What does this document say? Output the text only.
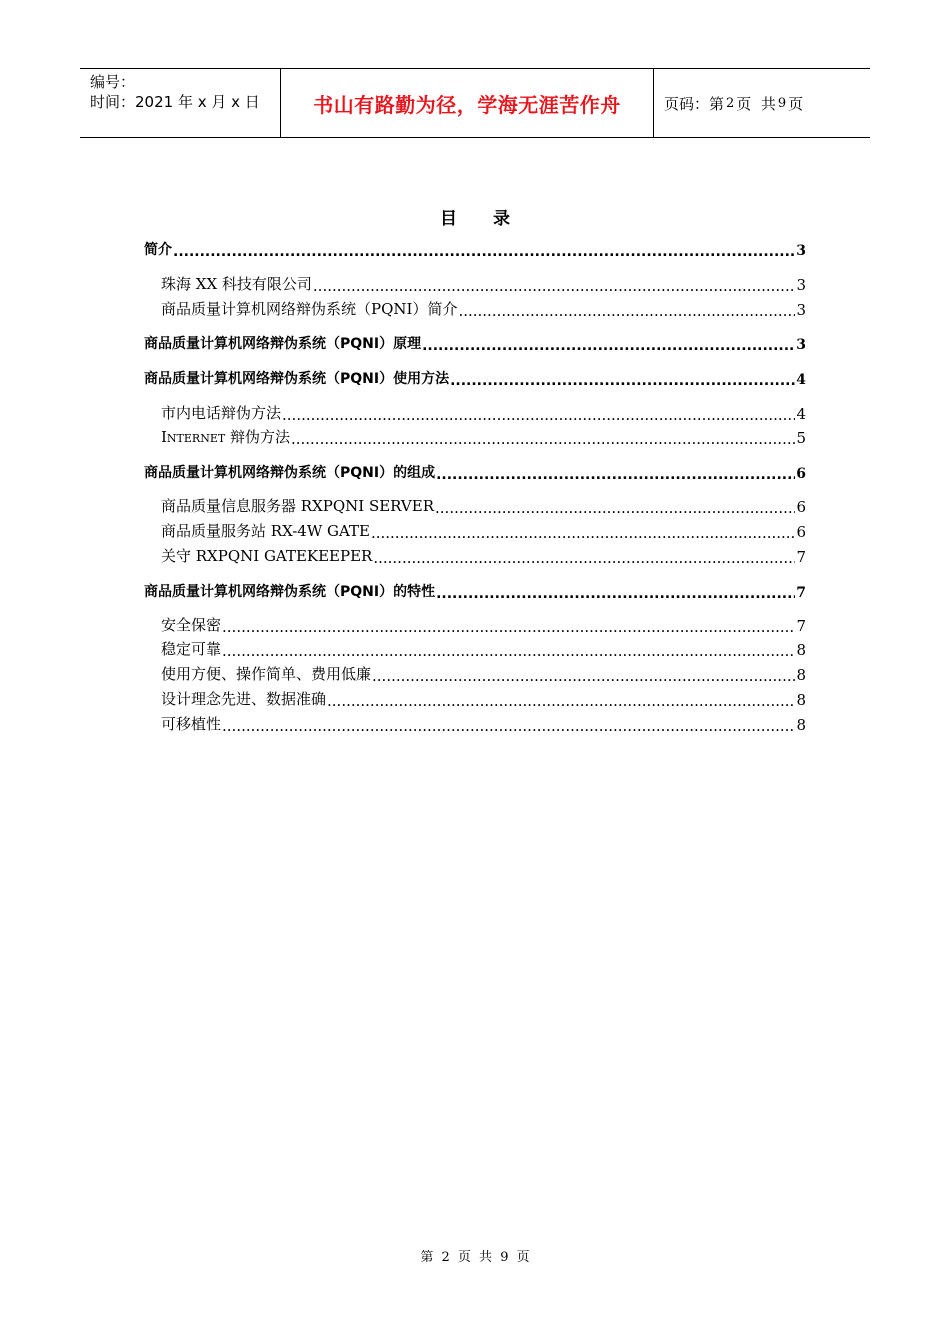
编号：
时间：2021 年 x 月 x 日	书山有路勤为径，学海无涯苦作舟	页码：第 2 页  共 9 页
目录
简介 .....	3
珠海 XX 科技有限公司 .....	3
商品质量计算机网络辩伪系统（PQNI）简介 .....	3
商品质量计算机网络辩伪系统（PQNI）原理 .....	3
商品质量计算机网络辩伪系统（PQNI）使用方法 .....	4
市内电话辩伪方法 .....	4
Internet 辩伪方法 .....	5
商品质量计算机网络辩伪系统（PQNI）的组成 .....	6
商品质量信息服务器 RXPQNI SERVER .....	6
商品质量服务站 RX-4W GATE .....	6
关守 RXPQNI GATEKEEPER .....	7
商品质量计算机网络辩伪系统（PQNI）的特性 .....	7
安全保密 .....	7
稳定可靠 .....	8
使用方便、操作简单、费用低廉 .....	8
设计理念先进、数据准确 .....	8
可移植性 .....	8
第 2 页 共 9 页
